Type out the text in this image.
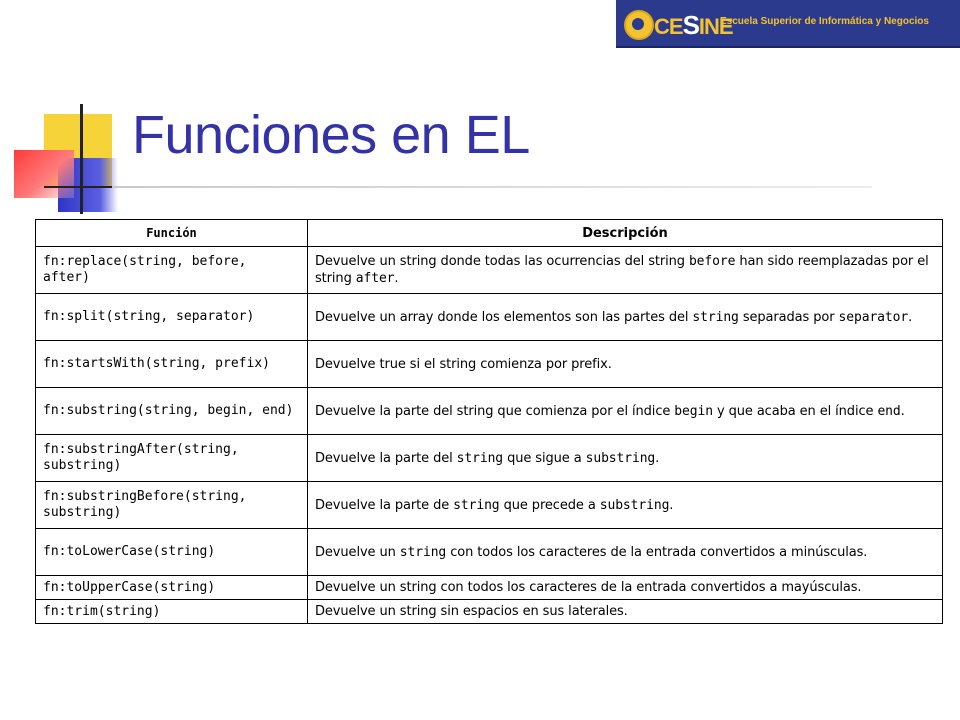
CESINE
Escuela Superior de Informática y Negocios
Funciones en EL
Función	Descripción
fn:replace(string, before, after)	Devuelve un string donde todas las ocurrencias del string before han sido reemplazadas por el string after.
fn:split(string, separator)	Devuelve un array donde los elementos son las partes del string separadas por separator.
fn:startsWith(string, prefix)	Devuelve true si el string comienza por prefix.
fn:substring(string, begin, end)	Devuelve la parte del string que comienza por el índice begin y que acaba en el índice end.
fn:substringAfter(string, substring)	Devuelve la parte del string que sigue a substring.
fn:substringBefore(string, substring)	Devuelve la parte de string que precede a substring.
fn:toLowerCase(string)	Devuelve un string con todos los caracteres de la entrada convertidos a minúsculas.
fn:toUpperCase(string)	Devuelve un string con todos los caracteres de la entrada convertidos a mayúsculas.
fn:trim(string)	Devuelve un string sin espacios en sus laterales.
